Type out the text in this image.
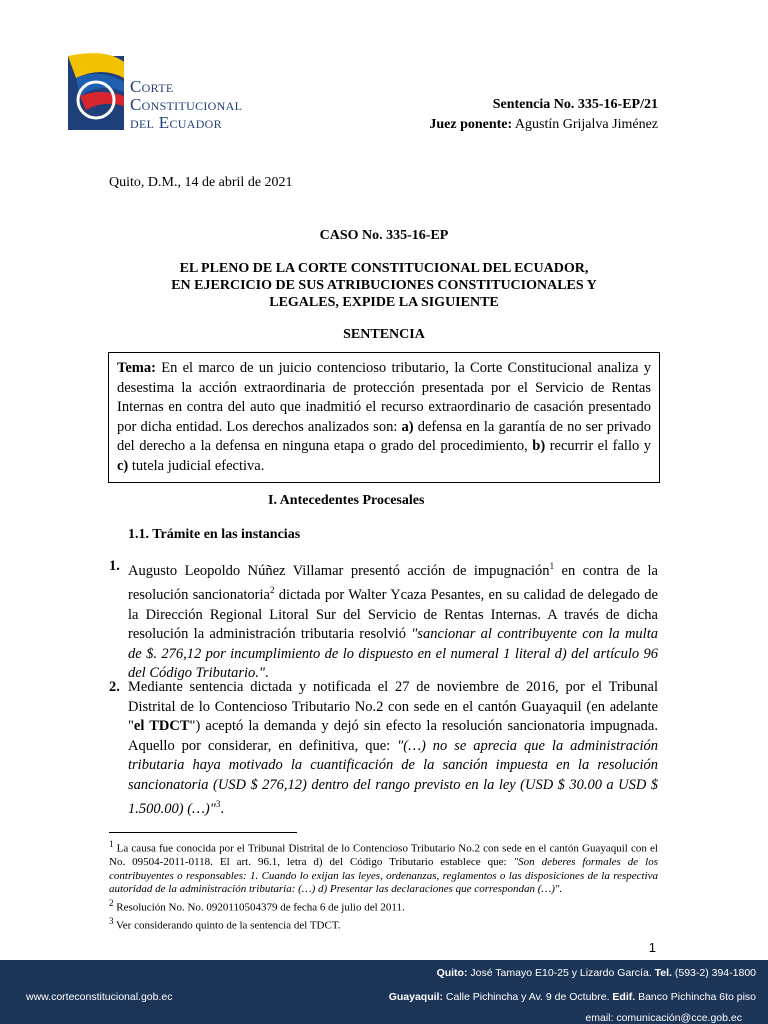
Corte
Constitucional
del Ecuador
Sentencia No. 335-16-EP/21
Juez ponente: Agustín Grijalva Jiménez
Quito, D.M., 14 de abril de 2021
CASO No. 335-16-EP
EL PLENO DE LA CORTE CONSTITUCIONAL DEL ECUADOR,
EN EJERCICIO DE SUS ATRIBUCIONES CONSTITUCIONALES Y
LEGALES, EXPIDE LA SIGUIENTE
SENTENCIA
Tema: En el marco de un juicio contencioso tributario, la Corte Constitucional analiza y desestima la acción extraordinaria de protección presentada por el Servicio de Rentas Internas en contra del auto que inadmitió el recurso extraordinario de casación presentado por dicha entidad. Los derechos analizados son: a) defensa en la garantía de no ser privado del derecho a la defensa en ninguna etapa o grado del procedimiento, b) recurrir el fallo y c) tutela judicial efectiva.
I. Antecedentes Procesales
1.1. Trámite en las instancias
1. Augusto Leopoldo Núñez Villamar presentó acción de impugnación$^1$ en contra de la resolución sancionatoria$^2$ dictada por Walter Ycaza Pesantes, en su calidad de delegado de la Dirección Regional Litoral Sur del Servicio de Rentas Internas. A través de dicha resolución la administración tributaria resolvió "sancionar al contribuyente con la multa de $. 276,12 por incumplimiento de lo dispuesto en el numeral 1 literal d) del artículo 96 del Código Tributario.".
2. Mediante sentencia dictada y notificada el 27 de noviembre de 2016, por el Tribunal Distrital de lo Contencioso Tributario No.2 con sede en el cantón Guayaquil (en adelante "el TDCT") aceptó la demanda y dejó sin efecto la resolución sancionatoria impugnada. Aquello por considerar, en definitiva, que: "(…) no se aprecia que la administración tributaria haya motivado la cuantificación de la sanción impuesta en la resolución sancionatoria (USD $ 276,12) dentro del rango previsto en la ley (USD $ 30.00 a USD $ 1.500.00) (…)"$^3$.

$^1$ La causa fue conocida por el Tribunal Distrital de lo Contencioso Tributario No.2 con sede en el cantón Guayaquil con el No. 09504-2011-0118. El art. 96.1, letra d) del Código Tributario establece que: "Son deberes formales de los contribuyentes o responsables: 1. Cuando lo exijan las leyes, ordenanzas, reglamentos o las disposiciones de la respectiva autoridad de la administración tributaria: (…) d) Presentar las declaraciones que correspondan (…)".

$^2$ Resolución No. No. 0920110504379 de fecha 6 de julio del 2011.

$^3$ Ver considerando quinto de la sentencia del TDCT.

1
www.corteconstitucional.gob.ec
Quito: José Tamayo E10-25 y Lizardo García. Tel. (593-2) 394-1800
Guayaquil: Calle Pichincha y Av. 9 de Octubre. Edif. Banco Pichincha 6to piso
email: comunicación@cce.gob.ec
